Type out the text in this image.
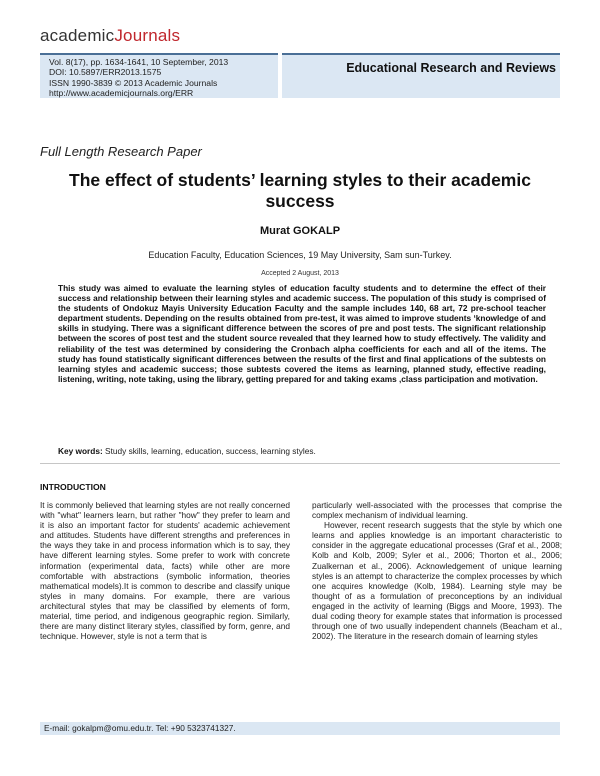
academicJournals
Vol. 8(17), pp. 1634-1641, 10 September, 2013
DOI: 10.5897/ERR2013.1575
ISSN 1990-3839 © 2013 Academic Journals
http://www.academicjournals.org/ERR
Educational Research and Reviews
Full Length Research Paper
The effect of students’ learning styles to their academic success
Murat GOKALP
Education Faculty, Education Sciences, 19 May University, Sam sun-Turkey.
Accepted 2 August, 2013
This study was aimed to evaluate the learning styles of education faculty students and to determine the effect of their success and relationship between their learning styles and academic success. The population of this study is comprised of the students of Ondokuz Mayis University Education Faculty and the sample includes 140, 68 art, 72 pre-school teacher department students. Depending on the results obtained from pre-test, it was aimed to improve students ‘knowledge of and skills in studying. There was a significant difference between the scores of pre and post tests. The significant relationship between the scores of post test and the student source revealed that they learned how to study effectively. The validity and reliability of the test was determined by considering the Cronbach alpha coefficients for each and all of the items. The study has found statistically significant differences between the results of the first and final applications of the subtests on learning styles and academic success; those subtests covered the items as learning, planned study, effective reading, listening, writing, note taking, using the library, getting prepared for and taking exams ,class participation and motivation.
Key words: Study skills, learning, education, success, learning styles.
INTRODUCTION

It is commonly believed that learning styles are not really concerned with "what" learners learn, but rather "how" they prefer to learn and it is also an important factor for students' academic achievement and attitudes. Students have different strengths and preferences in the ways they take in and process information which is to say, they have different learning styles. Some prefer to work with concrete information (experimental data, facts) while other are more comfortable with abstractions (symbolic information, theories mathematical models).It is common to describe and classify unique styles in many domains. For example, there are various architectural styles that may be classified by elements of form, material, time period, and indigenous geographic region. Similarly, there are many distinct literary styles, classified by form, genre, and technique. However, style is not a term that is

particularly well-associated with the processes that comprise the complex mechanism of individual learning.

However, recent research suggests that the style by which one learns and applies knowledge is an important characteristic to consider in the aggregate educational processes (Graf et al., 2008; Kolb and Kolb, 2009; Syler et al., 2006; Thorton et al., 2006; Zualkernan et al., 2006). Acknowledgement of unique learning styles is an attempt to characterize the complex processes by which one acquires knowledge (Kolb, 1984). Learning style may be thought of as a formulation of preconceptions by an individual engaged in the activity of learning (Biggs and Moore, 1993). The dual coding theory for example states that information is processed through one of two usually independent channels (Beacham et al., 2002). The literature in the research domain of learning styles

E-mail: gokalpm@omu.edu.tr. Tel: +90 5323741327.
